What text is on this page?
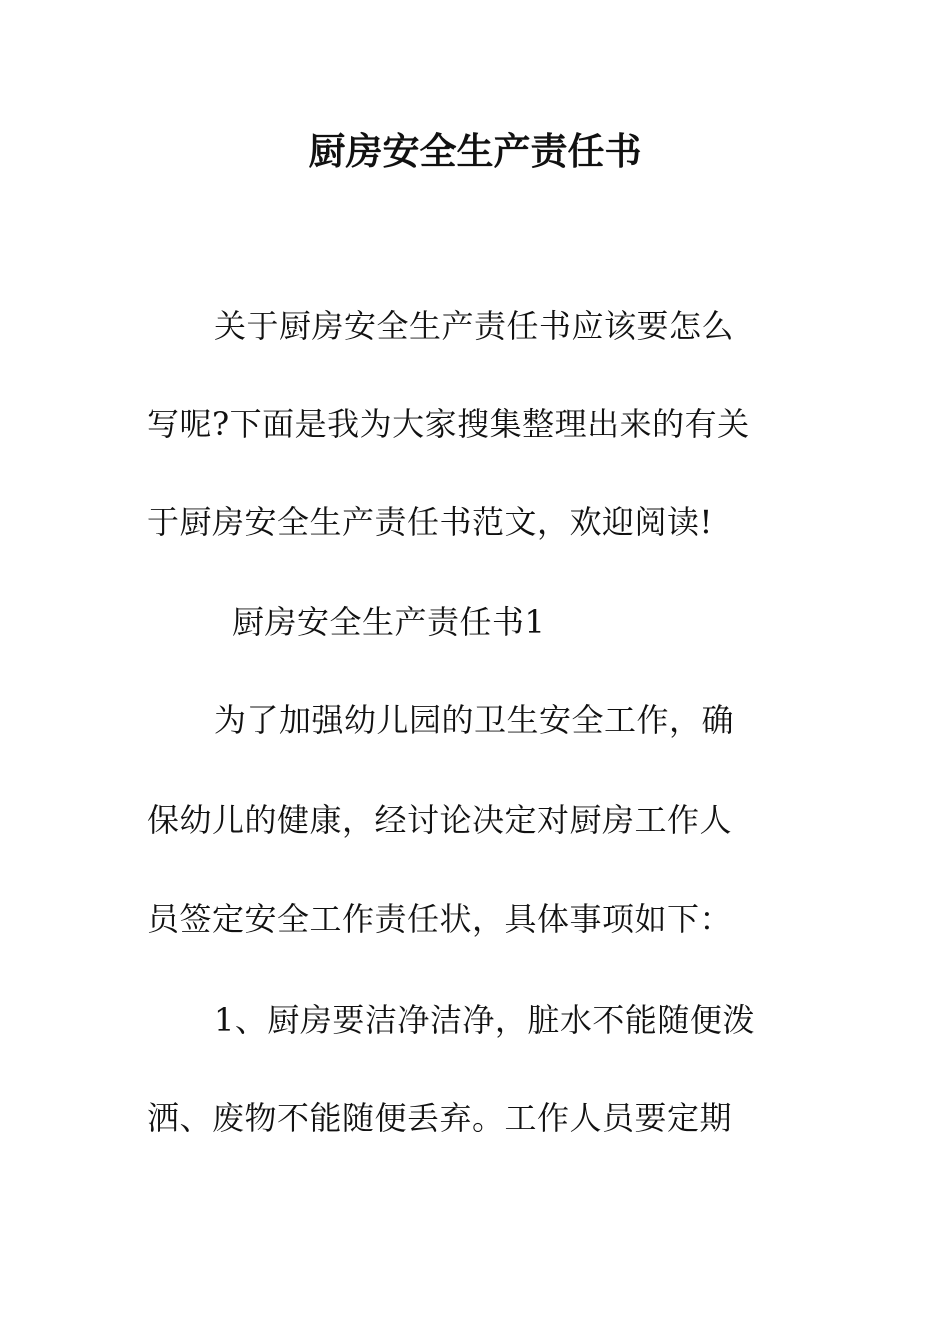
厨房安全生产责任书
关于厨房安全生产责任书应该要怎么
写呢?下面是我为大家搜集整理出来的有关
于厨房安全生产责任书范文，欢迎阅读!
厨房安全生产责任书1
为了加强幼儿园的卫生安全工作，确
保幼儿的健康，经讨论决定对厨房工作人
员签定安全工作责任状，具体事项如下：
1、厨房要洁净洁净，脏水不能随便泼
洒、废物不能随便丢弃。工作人员要定期
